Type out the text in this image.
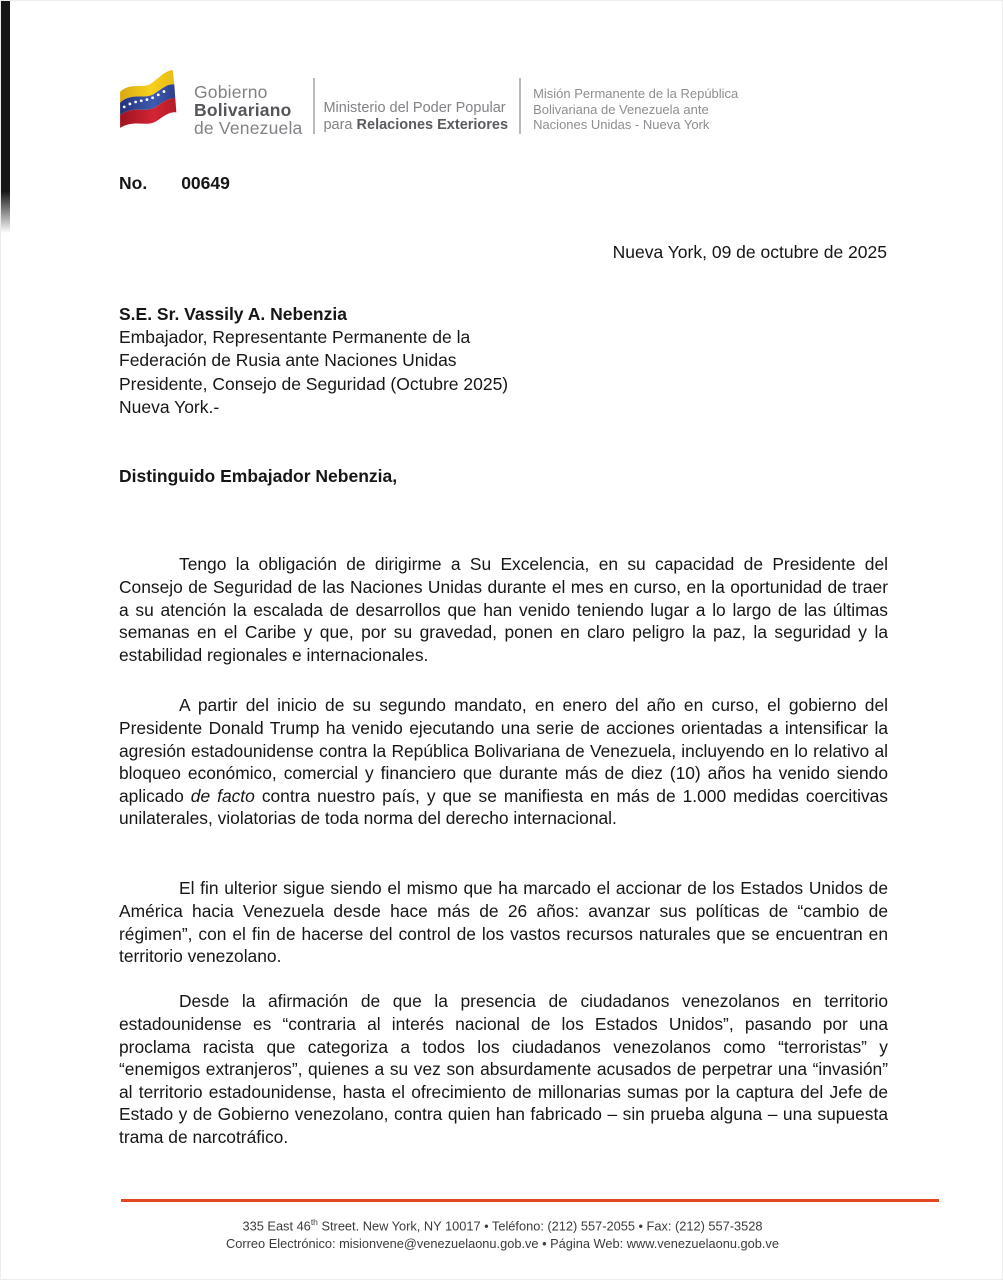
Gobierno
Bolivariano
de Venezuela
Ministerio del Poder Popular
para Relaciones Exteriores
Misión Permanente de la República
Bolivariana de Venezuela ante
Naciones Unidas - Nueva York
No. 00649
Nueva York, 09 de octubre de 2025
S.E. Sr. Vassily A. Nebenzia
Embajador, Representante Permanente de la
Federación de Rusia ante Naciones Unidas
Presidente, Consejo de Seguridad (Octubre 2025)
Nueva York.-
Distinguido Embajador Nebenzia,

Tengo la obligación de dirigirme a Su Excelencia, en su capacidad de Presidente del Consejo de Seguridad de las Naciones Unidas durante el mes en curso, en la oportunidad de traer a su atención la escalada de desarrollos que han venido teniendo lugar a lo largo de las últimas semanas en el Caribe y que, por su gravedad, ponen en claro peligro la paz, la seguridad y la estabilidad regionales e internacionales.

A partir del inicio de su segundo mandato, en enero del año en curso, el gobierno del Presidente Donald Trump ha venido ejecutando una serie de acciones orientadas a intensificar la agresión estadounidense contra la República Bolivariana de Venezuela, incluyendo en lo relativo al bloqueo económico, comercial y financiero que durante más de diez (10) años ha venido siendo aplicado de facto contra nuestro país, y que se manifiesta en más de 1.000 medidas coercitivas unilaterales, violatorias de toda norma del derecho internacional.

El fin ulterior sigue siendo el mismo que ha marcado el accionar de los Estados Unidos de América hacia Venezuela desde hace más de 26 años: avanzar sus políticas de “cambio de régimen”, con el fin de hacerse del control de los vastos recursos naturales que se encuentran en territorio venezolano.

Desde la afirmación de que la presencia de ciudadanos venezolanos en territorio estadounidense es “contraria al interés nacional de los Estados Unidos”, pasando por una proclama racista que categoriza a todos los ciudadanos venezolanos como “terroristas” y “enemigos extranjeros”, quienes a su vez son absurdamente acusados de perpetrar una “invasión” al territorio estadounidense, hasta el ofrecimiento de millonarias sumas por la captura del Jefe de Estado y de Gobierno venezolano, contra quien han fabricado – sin prueba alguna – una supuesta trama de narcotráfico.

335 East 46th Street. New York, NY 10017 • Teléfono: (212) 557-2055 • Fax: (212) 557-3528
Correo Electrónico: misionvene@venezuelaonu.gob.ve • Página Web: www.venezuelaonu.gob.ve
